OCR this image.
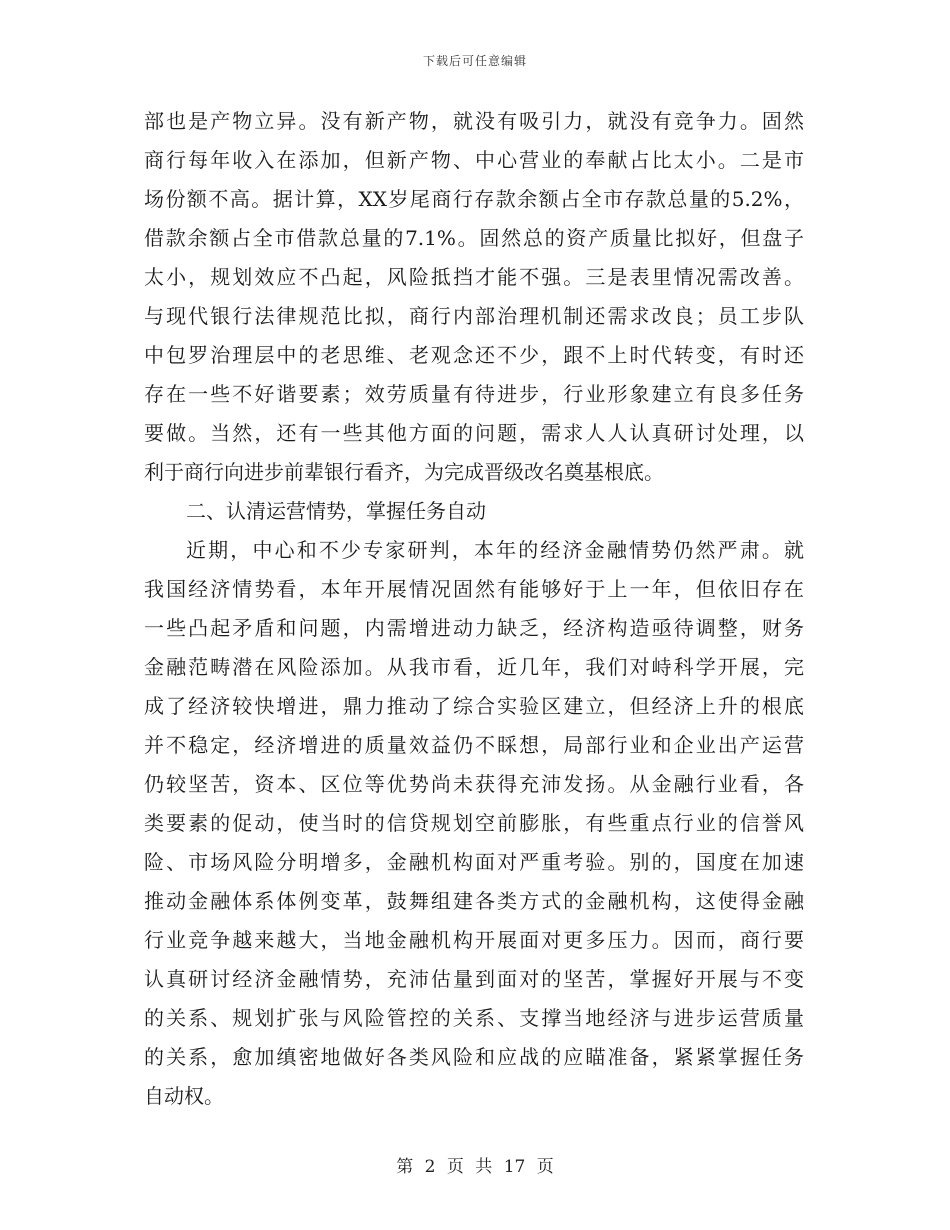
下载后可任意编辑
部也是产物立异。没有新产物，就没有吸引力，就没有竞争力。固然
商行每年收入在添加，但新产物、中心营业的奉献占比太小。二是市
场份额不高。据计算，XX岁尾商行存款余额占全市存款总量的5.2%，
借款余额占全市借款总量的7.1%。固然总的资产质量比拟好，但盘子
太小，规划效应不凸起，风险抵挡才能不强。三是表里情况需改善。
与现代银行法律规范比拟，商行内部治理机制还需求改良；员工步队
中包罗治理层中的老思维、老观念还不少，跟不上时代转变，有时还
存在一些不好谐要素；效劳质量有待进步，行业形象建立有良多任务
要做。当然，还有一些其他方面的问题，需求人人认真研讨处理，以
利于商行向进步前辈银行看齐，为完成晋级改名奠基根底。
二、认清运营情势，掌握任务自动
近期，中心和不少专家研判，本年的经济金融情势仍然严肃。就
我国经济情势看，本年开展情况固然有能够好于上一年，但依旧存在
一些凸起矛盾和问题，内需增进动力缺乏，经济构造亟待调整，财务
金融范畴潜在风险添加。从我市看，近几年，我们对峙科学开展，完
成了经济较快增进，鼎力推动了综合实验区建立，但经济上升的根底
并不稳定，经济增进的质量效益仍不睬想，局部行业和企业出产运营
仍较坚苦，资本、区位等优势尚未获得充沛发扬。从金融行业看，各
类要素的促动，使当时的信贷规划空前膨胀，有些重点行业的信誉风
险、市场风险分明增多，金融机构面对严重考验。别的，国度在加速
推动金融体系体例变革，鼓舞组建各类方式的金融机构，这使得金融
行业竞争越来越大，当地金融机构开展面对更多压力。因而，商行要
认真研讨经济金融情势，充沛估量到面对的坚苦，掌握好开展与不变
的关系、规划扩张与风险管控的关系、支撑当地经济与进步运营质量
的关系，愈加缜密地做好各类风险和应战的应瞄准备，紧紧掌握任务
自动权。
第 2 页 共 17 页
